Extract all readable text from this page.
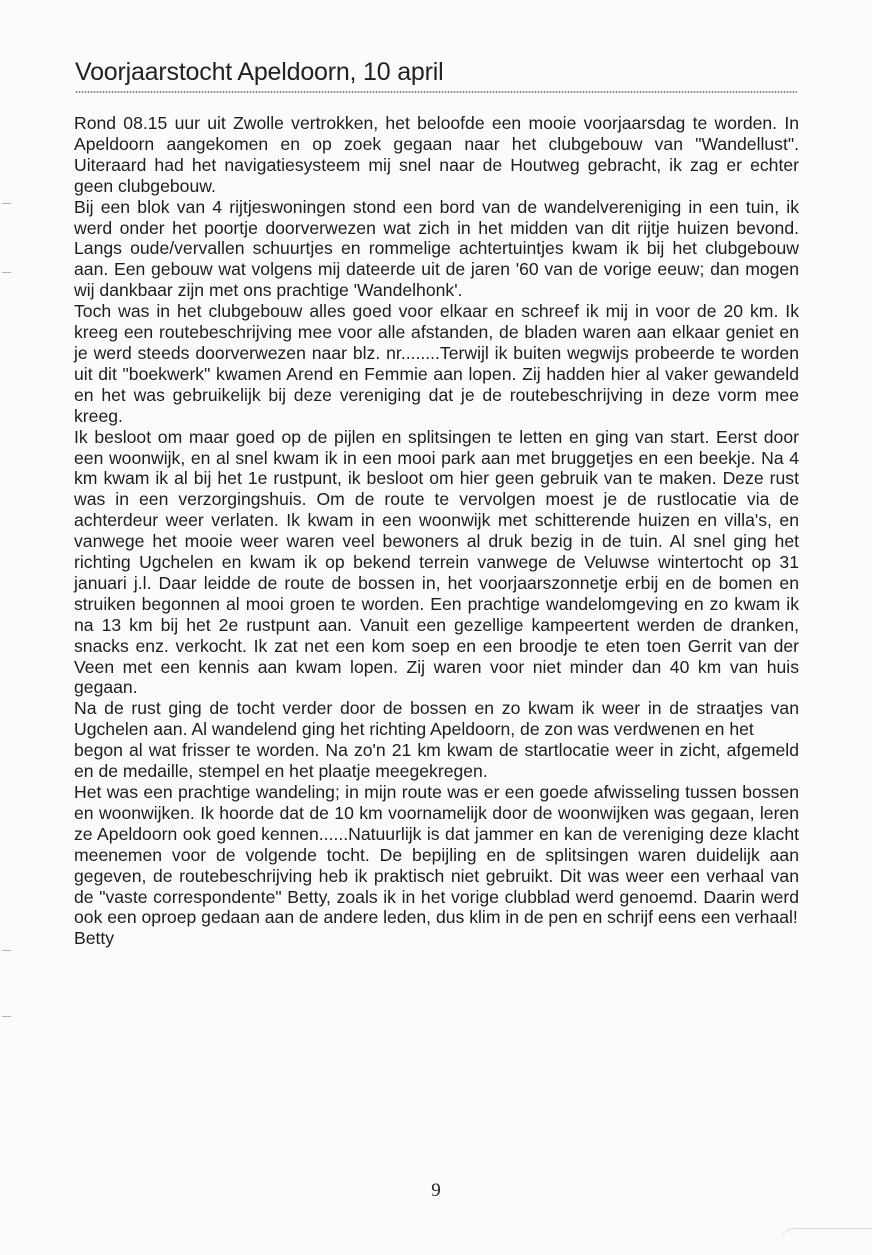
Voorjaarstocht Apeldoorn, 10 april

Rond 08.15 uur uit Zwolle vertrokken, het beloofde een mooie voorjaarsdag te worden. In Apeldoorn aangekomen en op zoek gegaan naar het clubgebouw van "Wandellust". Uiteraard had het navigatiesysteem mij snel naar de Houtweg gebracht, ik zag er echter geen clubgebouw.

Bij een blok van 4 rijtjeswoningen stond een bord van de wandelvereniging in een tuin, ik werd onder het poortje doorverwezen wat zich in het midden van dit rijtje huizen bevond. Langs oude/vervallen schuurtjes en rommelige achtertuintjes kwam ik bij het clubgebouw aan. Een gebouw wat volgens mij dateerde uit de jaren '60 van de vorige eeuw; dan mogen wij dankbaar zijn met ons prachtige 'Wandelhonk'.

Toch was in het clubgebouw alles goed voor elkaar en schreef ik mij in voor de 20 km. Ik kreeg een routebeschrijving mee voor alle afstanden, de bladen waren aan elkaar geniet en je werd steeds doorverwezen naar blz. nr........Terwijl ik buiten wegwijs probeerde te worden uit dit "boekwerk" kwamen Arend en Femmie aan lopen. Zij hadden hier al vaker gewandeld en het was gebruikelijk bij deze vereniging dat je de routebeschrijving in deze vorm mee kreeg.

Ik besloot om maar goed op de pijlen en splitsingen te letten en ging van start. Eerst door een woonwijk, en al snel kwam ik in een mooi park aan met bruggetjes en een beekje. Na 4 km kwam ik al bij het 1e rustpunt, ik besloot om hier geen gebruik van te maken. Deze rust was in een verzorgingshuis. Om de route te vervolgen moest je de rustlocatie via de achterdeur weer verlaten. Ik kwam in een woonwijk met schitterende huizen en villa's, en vanwege het mooie weer waren veel bewoners al druk bezig in de tuin. Al snel ging het richting Ugchelen en kwam ik op bekend terrein vanwege de Veluwse wintertocht op 31 januari j.l. Daar leidde de route de bossen in, het voorjaarszonnetje erbij en de bomen en struiken begonnen al mooi groen te worden. Een prachtige wandelomgeving en zo kwam ik na 13 km bij het 2e rustpunt aan. Vanuit een gezellige kampeertent werden de dranken, snacks enz. verkocht. Ik zat net een kom soep en een broodje te eten toen Gerrit van der Veen met een kennis aan kwam lopen. Zij waren voor niet minder dan 40 km van huis gegaan.

Na de rust ging de tocht verder door de bossen en zo kwam ik weer in de straatjes van Ugchelen aan. Al wandelend ging het richting Apeldoorn, de zon was verdwenen en het

begon al wat frisser te worden. Na zo'n 21 km kwam de startlocatie weer in zicht, afgemeld en de medaille, stempel en het plaatje meegekregen.

Het was een prachtige wandeling; in mijn route was er een goede afwisseling tussen bossen en woonwijken. Ik hoorde dat de 10 km voornamelijk door de woonwijken was gegaan, leren ze Apeldoorn ook goed kennen......Natuurlijk is dat jammer en kan de vereniging deze klacht meenemen voor de volgende tocht. De bepijling en de splitsingen waren duidelijk aan gegeven, de routebeschrijving heb ik praktisch niet gebruikt. Dit was weer een verhaal van de "vaste correspondente" Betty, zoals ik in het vorige clubblad werd genoemd. Daarin werd ook een oproep gedaan aan de andere leden, dus klim in de pen en schrijf eens een verhaal!

Betty

9
